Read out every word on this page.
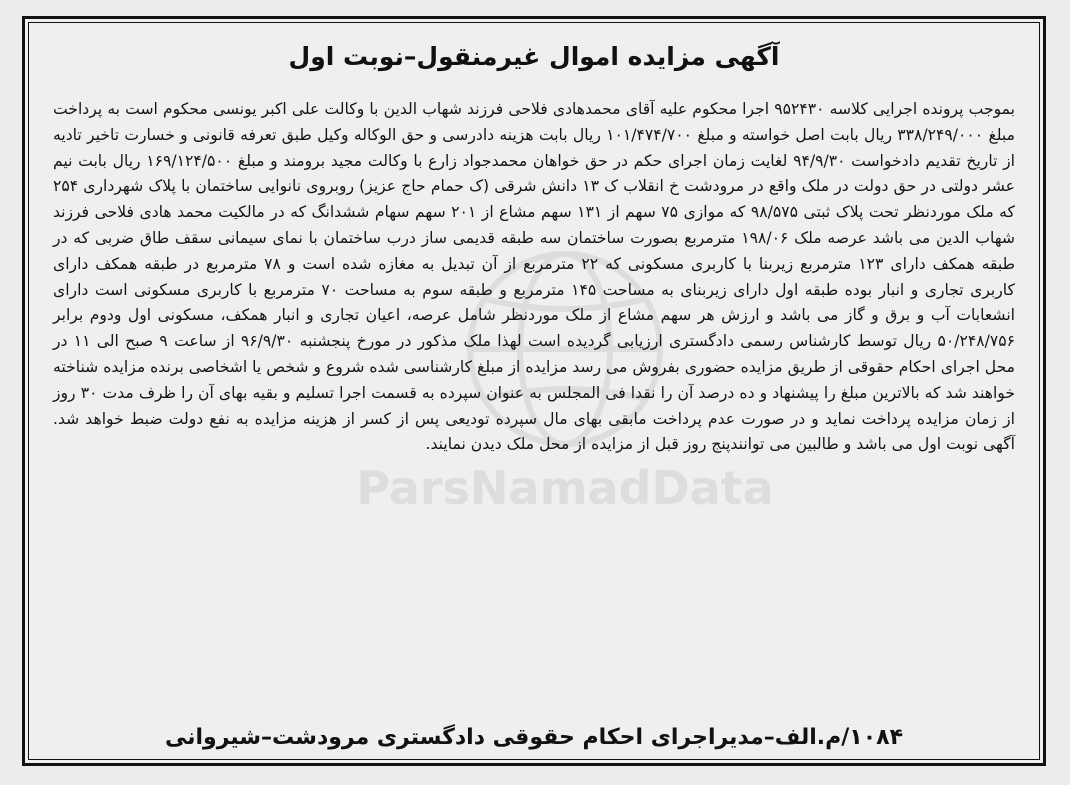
ParsNamadData
آگهی مزایده اموال غیرمنقول–نوبت اول

بموجب پرونده اجرایی کلاسه ۹۵۲۴۳۰ اجرا محکوم علیه آقای محمدهادی فلاحی فرزند شهاب الدین با وکالت علی اکبر یونسی محکوم است به پرداخت مبلغ ۳۳۸/۲۴۹/۰۰۰ ریال بابت اصل خواسته و مبلغ ۱۰۱/۴۷۴/۷۰۰ ریال بابت هزینه دادرسی و حق الوکاله وکیل طبق تعرفه قانونی و خسارت تاخیر تادیه از تاریخ تقدیم دادخواست ۹۴/۹/۳۰ لغایت زمان اجرای حکم در حق خواهان محمدجواد زارع با وکالت مجید برومند و مبلغ ۱۶۹/۱۲۴/۵۰۰ ریال بابت نیم عشر دولتی در حق دولت در ملک واقع در مرودشت خ انقلاب ک ۱۳ دانش شرقی (ک حمام حاج عزیز) روبروی نانوایی ساختمان با پلاک شهرداری ۲۵۴ که ملک موردنظر تحت پلاک ثبتی ۹۸/۵۷۵ که موازی ۷۵ سهم از ۱۳۱ سهم مشاع از ۲۰۱ سهم سهام ششدانگ که در مالکیت محمد هادی فلاحی فرزند شهاب الدین می باشد عرصه ملک ۱۹۸/۰۶ مترمربع بصورت ساختمان سه طبقه قدیمی ساز درب ساختمان با نمای سیمانی سقف طاق ضربی که در طبقه همکف دارای ۱۲۳ مترمربع زیربنا با کاربری مسکونی که ۲۲ مترمربع از آن تبدیل به مغازه شده است و ۷۸ مترمربع در طبقه همکف دارای کاربری تجاری و انبار بوده طبقه اول دارای زیربنای به مساحت ۱۴۵ مترمربع و طبقه سوم به مساحت ۷۰ مترمربع با کاربری مسکونی است دارای انشعابات آب و برق و گاز می باشد و ارزش هر سهم مشاع از ملک موردنظر شامل عرصه، اعیان تجاری و انبار همکف، مسکونی اول ودوم برابر ۵۰/۲۴۸/۷۵۶ ریال توسط کارشناس رسمی دادگستری ارزیابی گردیده است لهذا ملک مذکور در مورخ پنجشنبه ۹۶/۹/۳۰ از ساعت ۹ صبح الی ۱۱ در محل اجرای احکام حقوقی از طریق مزایده حضوری بفروش می رسد مزایده از مبلغ کارشناسی شده شروع و شخص یا اشخاصی برنده مزایده شناخته خواهند شد که بالاترین مبلغ را پیشنهاد و ده درصد آن را نقدا فی المجلس به عنوان سپرده به قسمت اجرا تسلیم و بقیه بهای آن را ظرف مدت ۳۰ روز از زمان مزایده پرداخت نماید و در صورت عدم پرداخت مابقی بهای مال سپرده تودیعی پس از کسر از هزینه مزایده به نفع دولت ضبط خواهد شد. آگهی نوبت اول می باشد و طالبین می توانندپنج روز قبل از مزایده از محل ملک دیدن نمایند.

۱۰۸۴/م.الف–مدیراجرای احکام حقوقی دادگستری مرودشت–شیروانی
